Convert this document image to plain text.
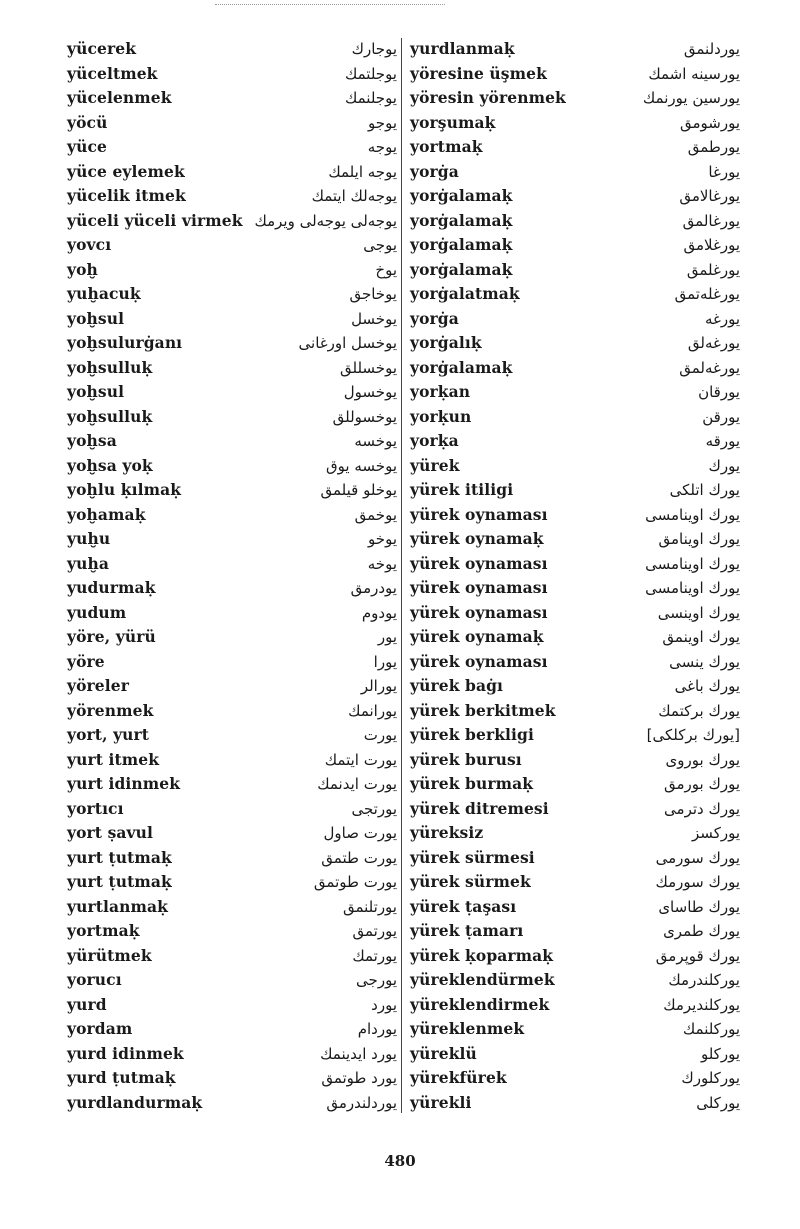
yücerek	یوجارك
yüceltmek	یوجلتمك
yücelenmek	یوجلنمك
yöcü	یوجو
yüce	یوجه
yüce eylemek	یوجه ایلمك
yücelik itmek	یوجه‌لك ایتمك
yüceli yüceli virmek یوجه‌لی یوجه‌لی ویرمك
yovcı	یوجی
yoḫ	یوخ
yuḫacuḳ	یوخاجق
yoḫsul	یوخسل
yoḫsulurġanı	یوخسل اورغانی
yoḫsulluḳ	یوخسللق
yoḫsul	یوخسول
yoḫsulluḳ	یوخسوللق
yoḫsa	یوخسه
yoḫsa yoḳ	یوخسه یوق
yoḫlu ḳılmaḳ	یوخلو قیلمق
yoḫamaḳ	یوخمق
yuḫu	یوخو
yuḫa	یوخه
yudurmaḳ	یودرمق
yudum	یودوم
yöre, yürü	یور
yöre	یورا
yöreler	یورالر
yörenmek	یورانمك
yort, yurt	یورت
yurt itmek	یورت ایتمك
yurt idinmek	یورت ایدنمك
yortıcı	یورتجی
yort ṣavul	یورت صاول
yurt ṭutmaḳ	یورت طتمق
yurt ṭutmaḳ	یورت طوتمق
yurtlanmaḳ	یورتلنمق
yortmaḳ	یورتمق
yürütmek	یورتمك
yorucı	یورجی
yurd	یورد
yordam	یوردام
yurd idinmek	یورد ایدینمك
yurd ṭutmaḳ	یورد طوتمق
yurdlandurmaḳ	یوردلندرمق
yurdlanmaḳ	یوردلنمق
yöresine üşmek	یورسینه اشمك
yöresin yörenmek	یورسین یورنمك
yorşumaḳ	یورشومق
yortmaḳ	یورطمق
yorġa	یورغا
yorġalamaḳ	یورغالامق
yorġalamaḳ	یورغالمق
yorġalamaḳ	یورغلامق
yorġalamaḳ	یورغلمق
yorġalatmaḳ	یورغله‌تمق
yorġa	یورغه
yorġalıḳ	یورغه‌لق
yorġalamaḳ	یورغه‌لمق
yorḳan	یورقان
yorḳun	یورقن
yorḳa	یورقه
yürek	یورك
yürek itiligi	یورك اتلکی
yürek oynaması	یورك اوینامسی
yürek oynamaḳ	یورك اوینامق
yürek oynaması	یورك اوینامسی
yürek oynaması	یورك اوینامسی
yürek oynaması	یورك اوینسی
yürek oynamaḳ	یورك اوینمق
yürek oynaması	یورك ینسی
yürek baġı	یورك باغی
yürek berkitmek	یورك برکتمك
yürek berkligi	[یورك برکلکی]
yürek burusı	یورك بوروی
yürek burmaḳ	یورك بورمق
yürek ditremesi	یورك دترمی
yüreksiz	یورکسز
yürek sürmesi	یورك سورمی
yürek sürmek	یورك سورمك
yürek ṭaşası	یورك طاسای
yürek ṭamarı	یورك طمری
yürek ḳoparmaḳ	یورك قوپرمق
yüreklendürmek	یورکلندرمك
yüreklendirmek	یورکلندیرمك
yüreklenmek	یورکلنمك
yüreklü	یورکلو
yürekfürek	یورکلورك
yürekli	یورکلی
480
